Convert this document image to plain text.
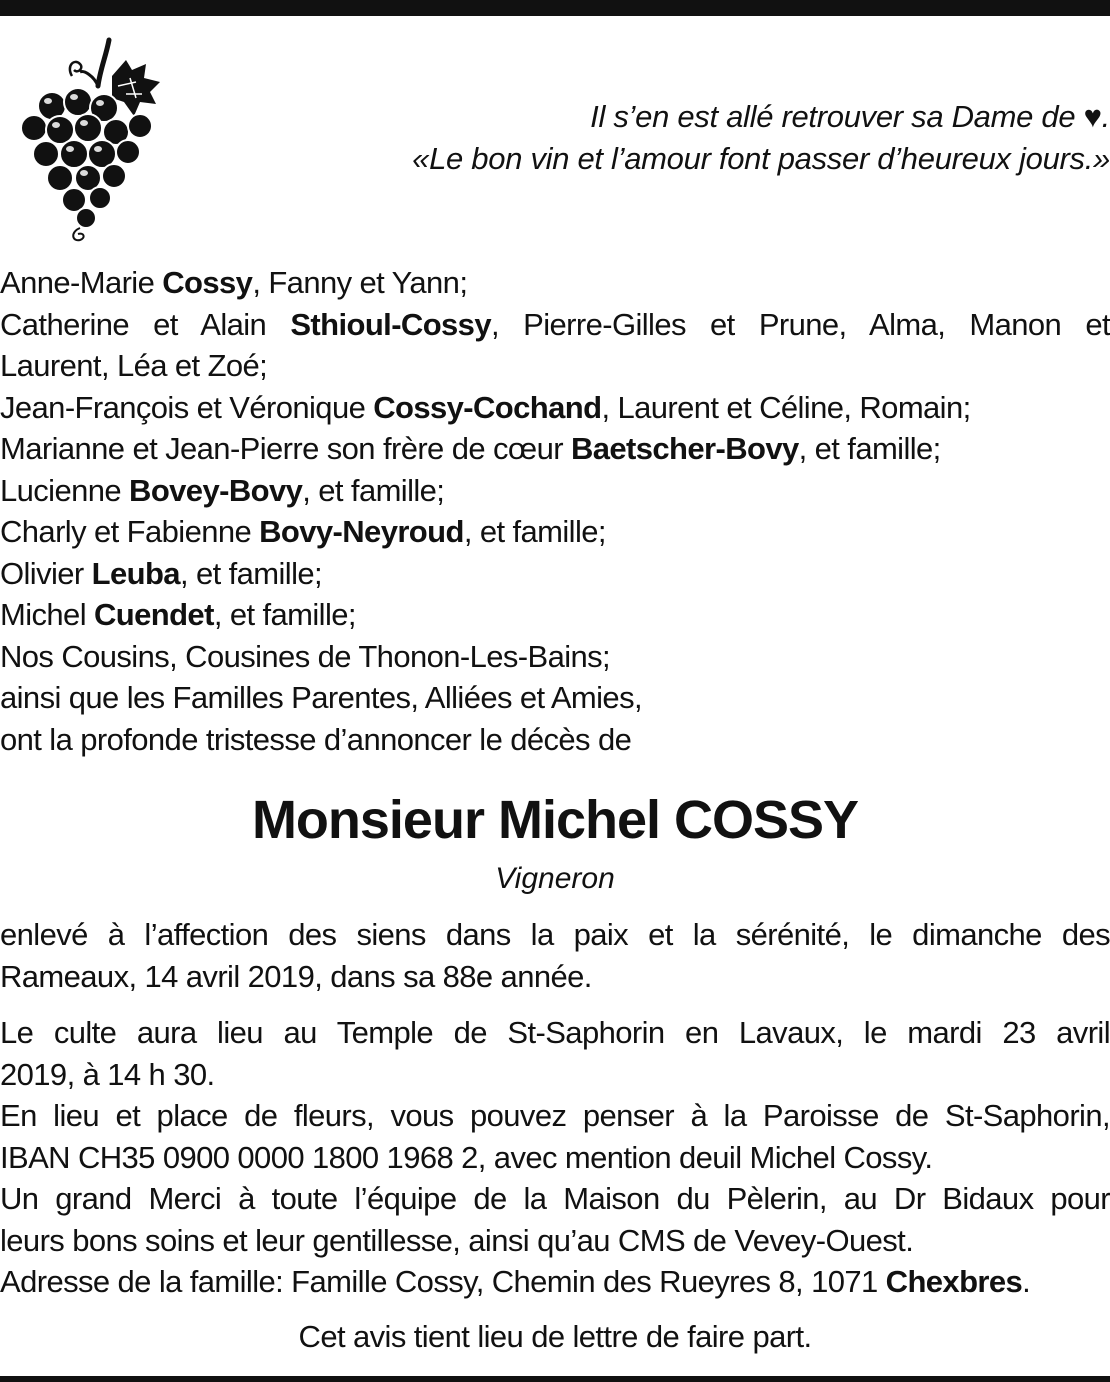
Il s’en est allé retrouver sa Dame de ♥.
«Le bon vin et l’amour font passer d’heureux jours.»
Anne-Marie Cossy, Fanny et Yann;
Catherine et Alain Sthioul-Cossy, Pierre-Gilles et Prune, Alma, Manon et
Laurent, Léa et Zoé;
Jean-François et Véronique Cossy-Cochand, Laurent et Céline, Romain;
Marianne et Jean-Pierre son frère de cœur Baetscher-Bovy, et famille;
Lucienne Bovey-Bovy, et famille;
Charly et Fabienne Bovy-Neyroud, et famille;
Olivier Leuba, et famille;
Michel Cuendet, et famille;
Nos Cousins, Cousines de Thonon-Les-Bains;
ainsi que les Familles Parentes, Alliées et Amies,
ont la profonde tristesse d’annoncer le décès de
Monsieur Michel COSSY
Vigneron
enlevé à l’affection des siens dans la paix et la sérénité, le dimanche des
Rameaux, 14 avril 2019, dans sa 88e année.
Le culte aura lieu au Temple de St-Saphorin en Lavaux, le mardi 23 avril
2019, à 14 h 30.
En lieu et place de fleurs, vous pouvez penser à la Paroisse de St-Saphorin,
IBAN CH35 0900 0000 1800 1968 2, avec mention deuil Michel Cossy.
Un grand Merci à toute l’équipe de la Maison du Pèlerin, au Dr Bidaux pour
leurs bons soins et leur gentillesse, ainsi qu’au CMS de Vevey-Ouest.
Adresse de la famille: Famille Cossy, Chemin des Rueyres 8, 1071 Chexbres.
Cet avis tient lieu de lettre de faire part.
